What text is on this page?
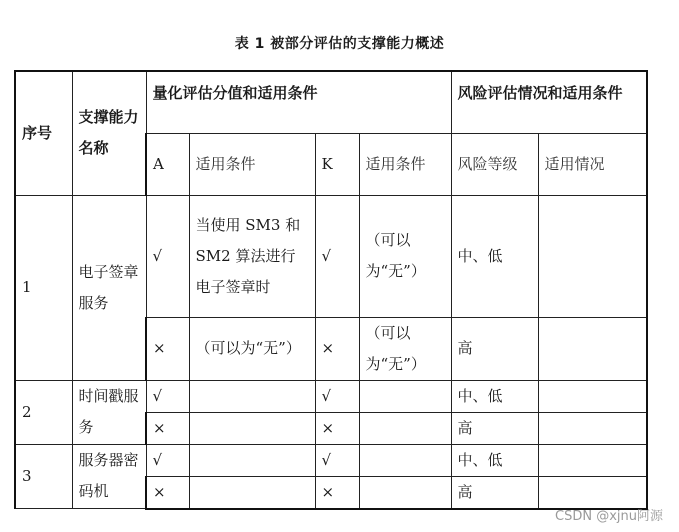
表 1 被部分评估的支撑能力概述
序号	支撑能力名称	量化评估分值和适用条件				风险评估情况和适用条件	
		A	适用条件	K	适用条件	风险等级	适用情况
1	电子签章服务	√	当使用 SM3 和 SM2 算法进行电子签章时	√	（可以为“无”）	中、低	
		×	（可以为“无”）	×	（可以为“无”）	高	
2	时间戳服务	√		√		中、低	
		×		×		高	
3	服务器密码机	√		√		中、低	
		×		×		高	
CSDN @xjnu阿源
